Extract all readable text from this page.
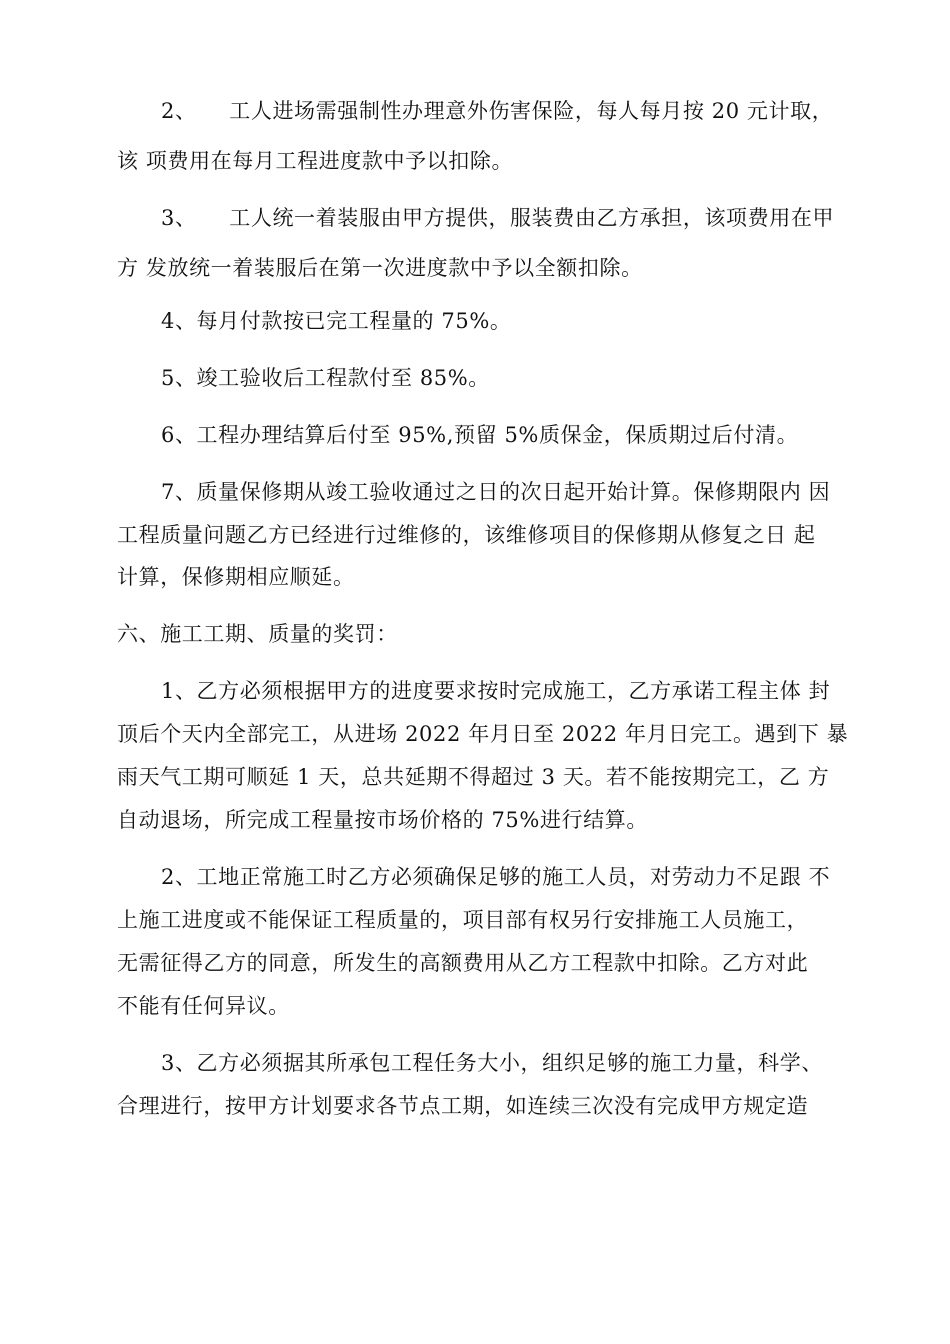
2、　　工人进场需强制性办理意外伤害保险，每人每月按 20 元计取，
该 项费用在每月工程进度款中予以扣除。
3、　　工人统一着装服由甲方提供，服装费由乙方承担，该项费用在甲
方 发放统一着装服后在第一次进度款中予以全额扣除。
4、每月付款按已完工程量的 75%。
5、竣工验收后工程款付至 85%。
6、工程办理结算后付至 95%,预留 5%质保金，保质期过后付清。
7、质量保修期从竣工验收通过之日的次日起开始计算。保修期限内 因
工程质量问题乙方已经进行过维修的，该维修项目的保修期从修复之日 起
计算，保修期相应顺延。
六、施工工期、质量的奖罚：
1、乙方必须根据甲方的进度要求按时完成施工，乙方承诺工程主体 封
顶后个天内全部完工，从进场 2022 年月日至 2022 年月日完工。遇到下 暴
雨天气工期可顺延 1 天，总共延期不得超过 3 天。若不能按期完工，乙 方
自动退场，所完成工程量按市场价格的 75%进行结算。
2、工地正常施工时乙方必须确保足够的施工人员，对劳动力不足跟 不
上施工进度或不能保证工程质量的，项目部有权另行安排施工人员施工，
无需征得乙方的同意，所发生的高额费用从乙方工程款中扣除。乙方对此
不能有任何异议。
3、乙方必须据其所承包工程任务大小，组织足够的施工力量，科学、
合理进行，按甲方计划要求各节点工期，如连续三次没有完成甲方规定造
